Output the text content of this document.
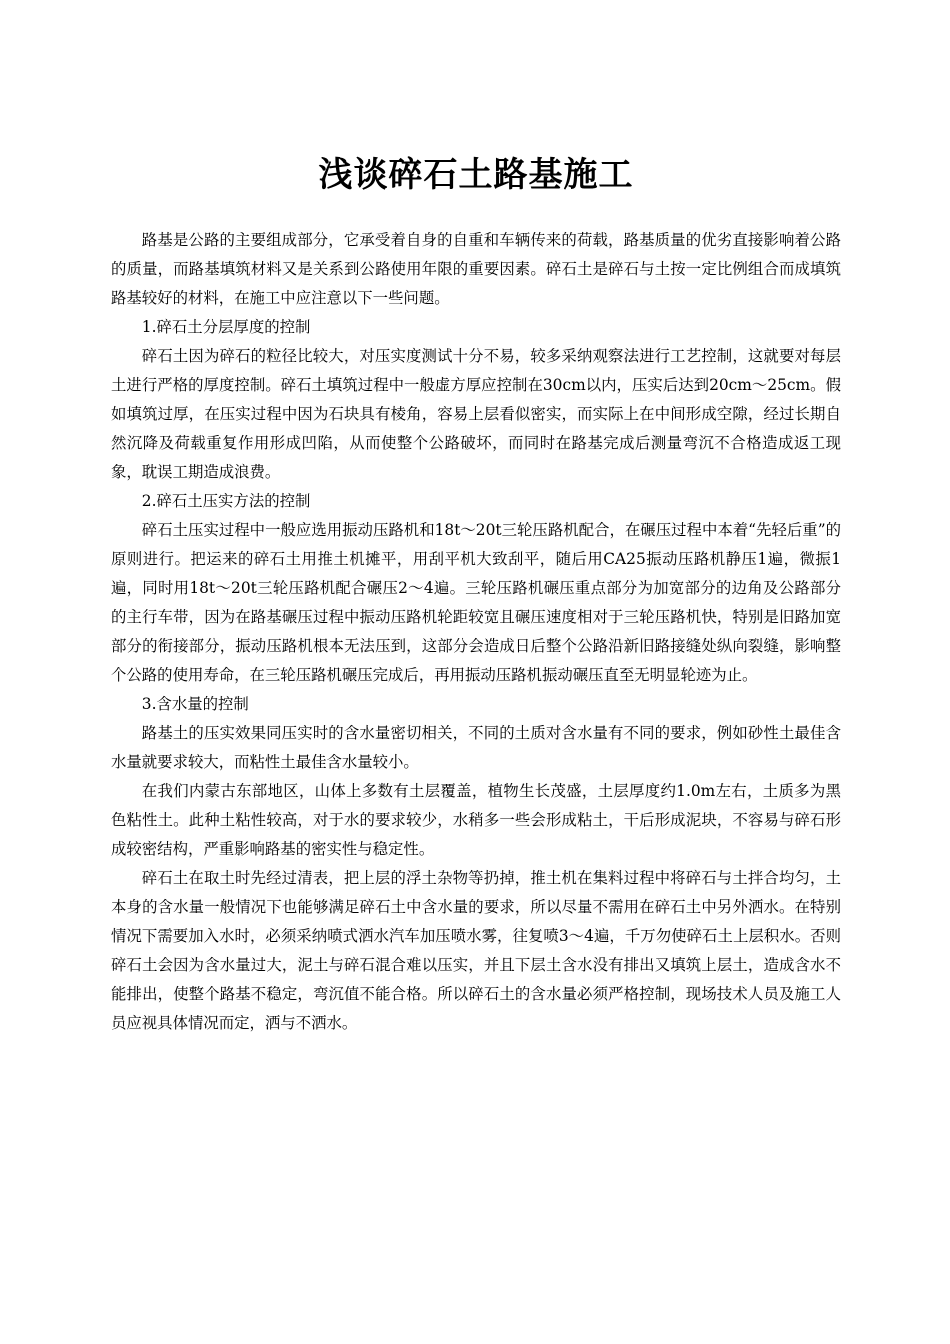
浅谈碎石土路基施工

路基是公路的主要组成部分，它承受着自身的自重和车辆传来的荷载，路基质量的优劣直接影响着公路的质量，而路基填筑材料又是关系到公路使用年限的重要因素。碎石土是碎石与土按一定比例组合而成填筑路基较好的材料，在施工中应注意以下一些问题。

1.碎石土分层厚度的控制

碎石土因为碎石的粒径比较大，对压实度测试十分不易，较多采纳观察法进行工艺控制，这就要对每层土进行严格的厚度控制。碎石土填筑过程中一般虚方厚应控制在30cm以内，压实后达到20cm～25cm。假如填筑过厚，在压实过程中因为石块具有棱角，容易上层看似密实，而实际上在中间形成空隙，经过长期自然沉降及荷载重复作用形成凹陷，从而使整个公路破坏，而同时在路基完成后测量弯沉不合格造成返工现象，耽误工期造成浪费。

2.碎石土压实方法的控制

碎石土压实过程中一般应选用振动压路机和18t～20t三轮压路机配合，在碾压过程中本着“先轻后重”的原则进行。把运来的碎石土用推土机摊平，用刮平机大致刮平，随后用CA25振动压路机静压1遍，微振1遍，同时用18t～20t三轮压路机配合碾压2～4遍。三轮压路机碾压重点部分为加宽部分的边角及公路部分的主行车带，因为在路基碾压过程中振动压路机轮距较宽且碾压速度相对于三轮压路机快，特别是旧路加宽部分的衔接部分，振动压路机根本无法压到，这部分会造成日后整个公路沿新旧路接缝处纵向裂缝，影响整个公路的使用寿命，在三轮压路机碾压完成后，再用振动压路机振动碾压直至无明显轮迹为止。

3.含水量的控制

路基土的压实效果同压实时的含水量密切相关，不同的土质对含水量有不同的要求，例如砂性土最佳含水量就要求较大，而粘性土最佳含水量较小。

在我们内蒙古东部地区，山体上多数有土层覆盖，植物生长茂盛，土层厚度约1.0m左右，土质多为黑色粘性土。此种土粘性较高，对于水的要求较少，水稍多一些会形成粘土，干后形成泥块，不容易与碎石形成较密结构，严重影响路基的密实性与稳定性。

碎石土在取土时先经过清表，把上层的浮土杂物等扔掉，推土机在集料过程中将碎石与土拌合均匀，土本身的含水量一般情况下也能够满足碎石土中含水量的要求，所以尽量不需用在碎石土中另外洒水。在特别情况下需要加入水时，必须采纳喷式洒水汽车加压喷水雾，往复喷3～4遍，千万勿使碎石土上层积水。否则碎石土会因为含水量过大，泥土与碎石混合难以压实，并且下层土含水没有排出又填筑上层土，造成含水不能排出，使整个路基不稳定，弯沉值不能合格。所以碎石土的含水量必须严格控制，现场技术人员及施工人员应视具体情况而定，洒与不洒水。
